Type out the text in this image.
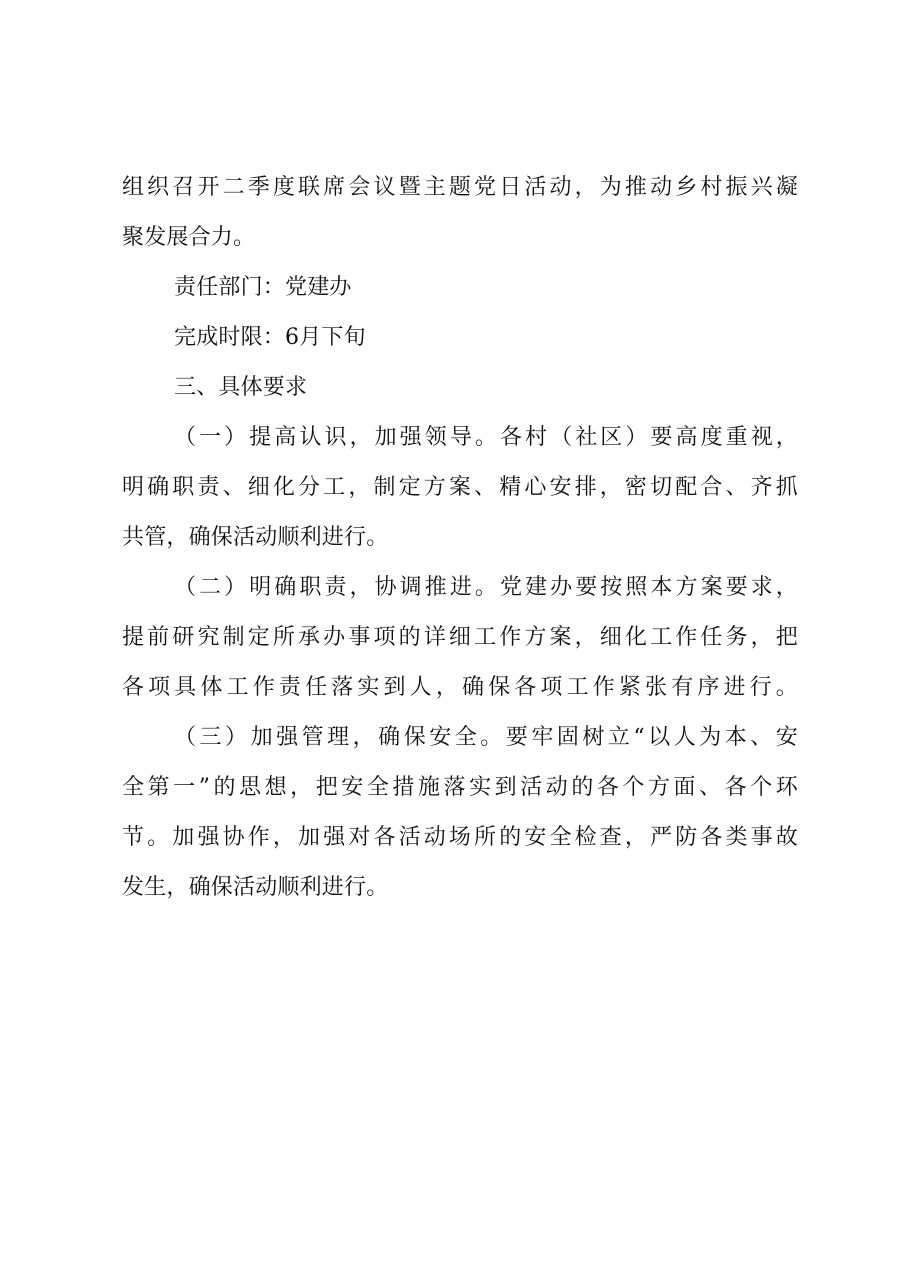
组织召开二季度联席会议暨主题党日活动，为推动乡村振兴凝
聚发展合力。
责任部门：党建办
完成时限：6月下旬
三、具体要求
（一）提高认识，加强领导。各村（社区）要高度重视，
明确职责、细化分工，制定方案、精心安排，密切配合、齐抓
共管，确保活动顺利进行。
（二）明确职责，协调推进。党建办要按照本方案要求，
提前研究制定所承办事项的详细工作方案，细化工作任务，把
各项具体工作责任落实到人，确保各项工作紧张有序进行。
（三）加强管理，确保安全。要牢固树立“以人为本、安
全第一”的思想，把安全措施落实到活动的各个方面、各个环
节。加强协作，加强对各活动场所的安全检查，严防各类事故
发生，确保活动顺利进行。
